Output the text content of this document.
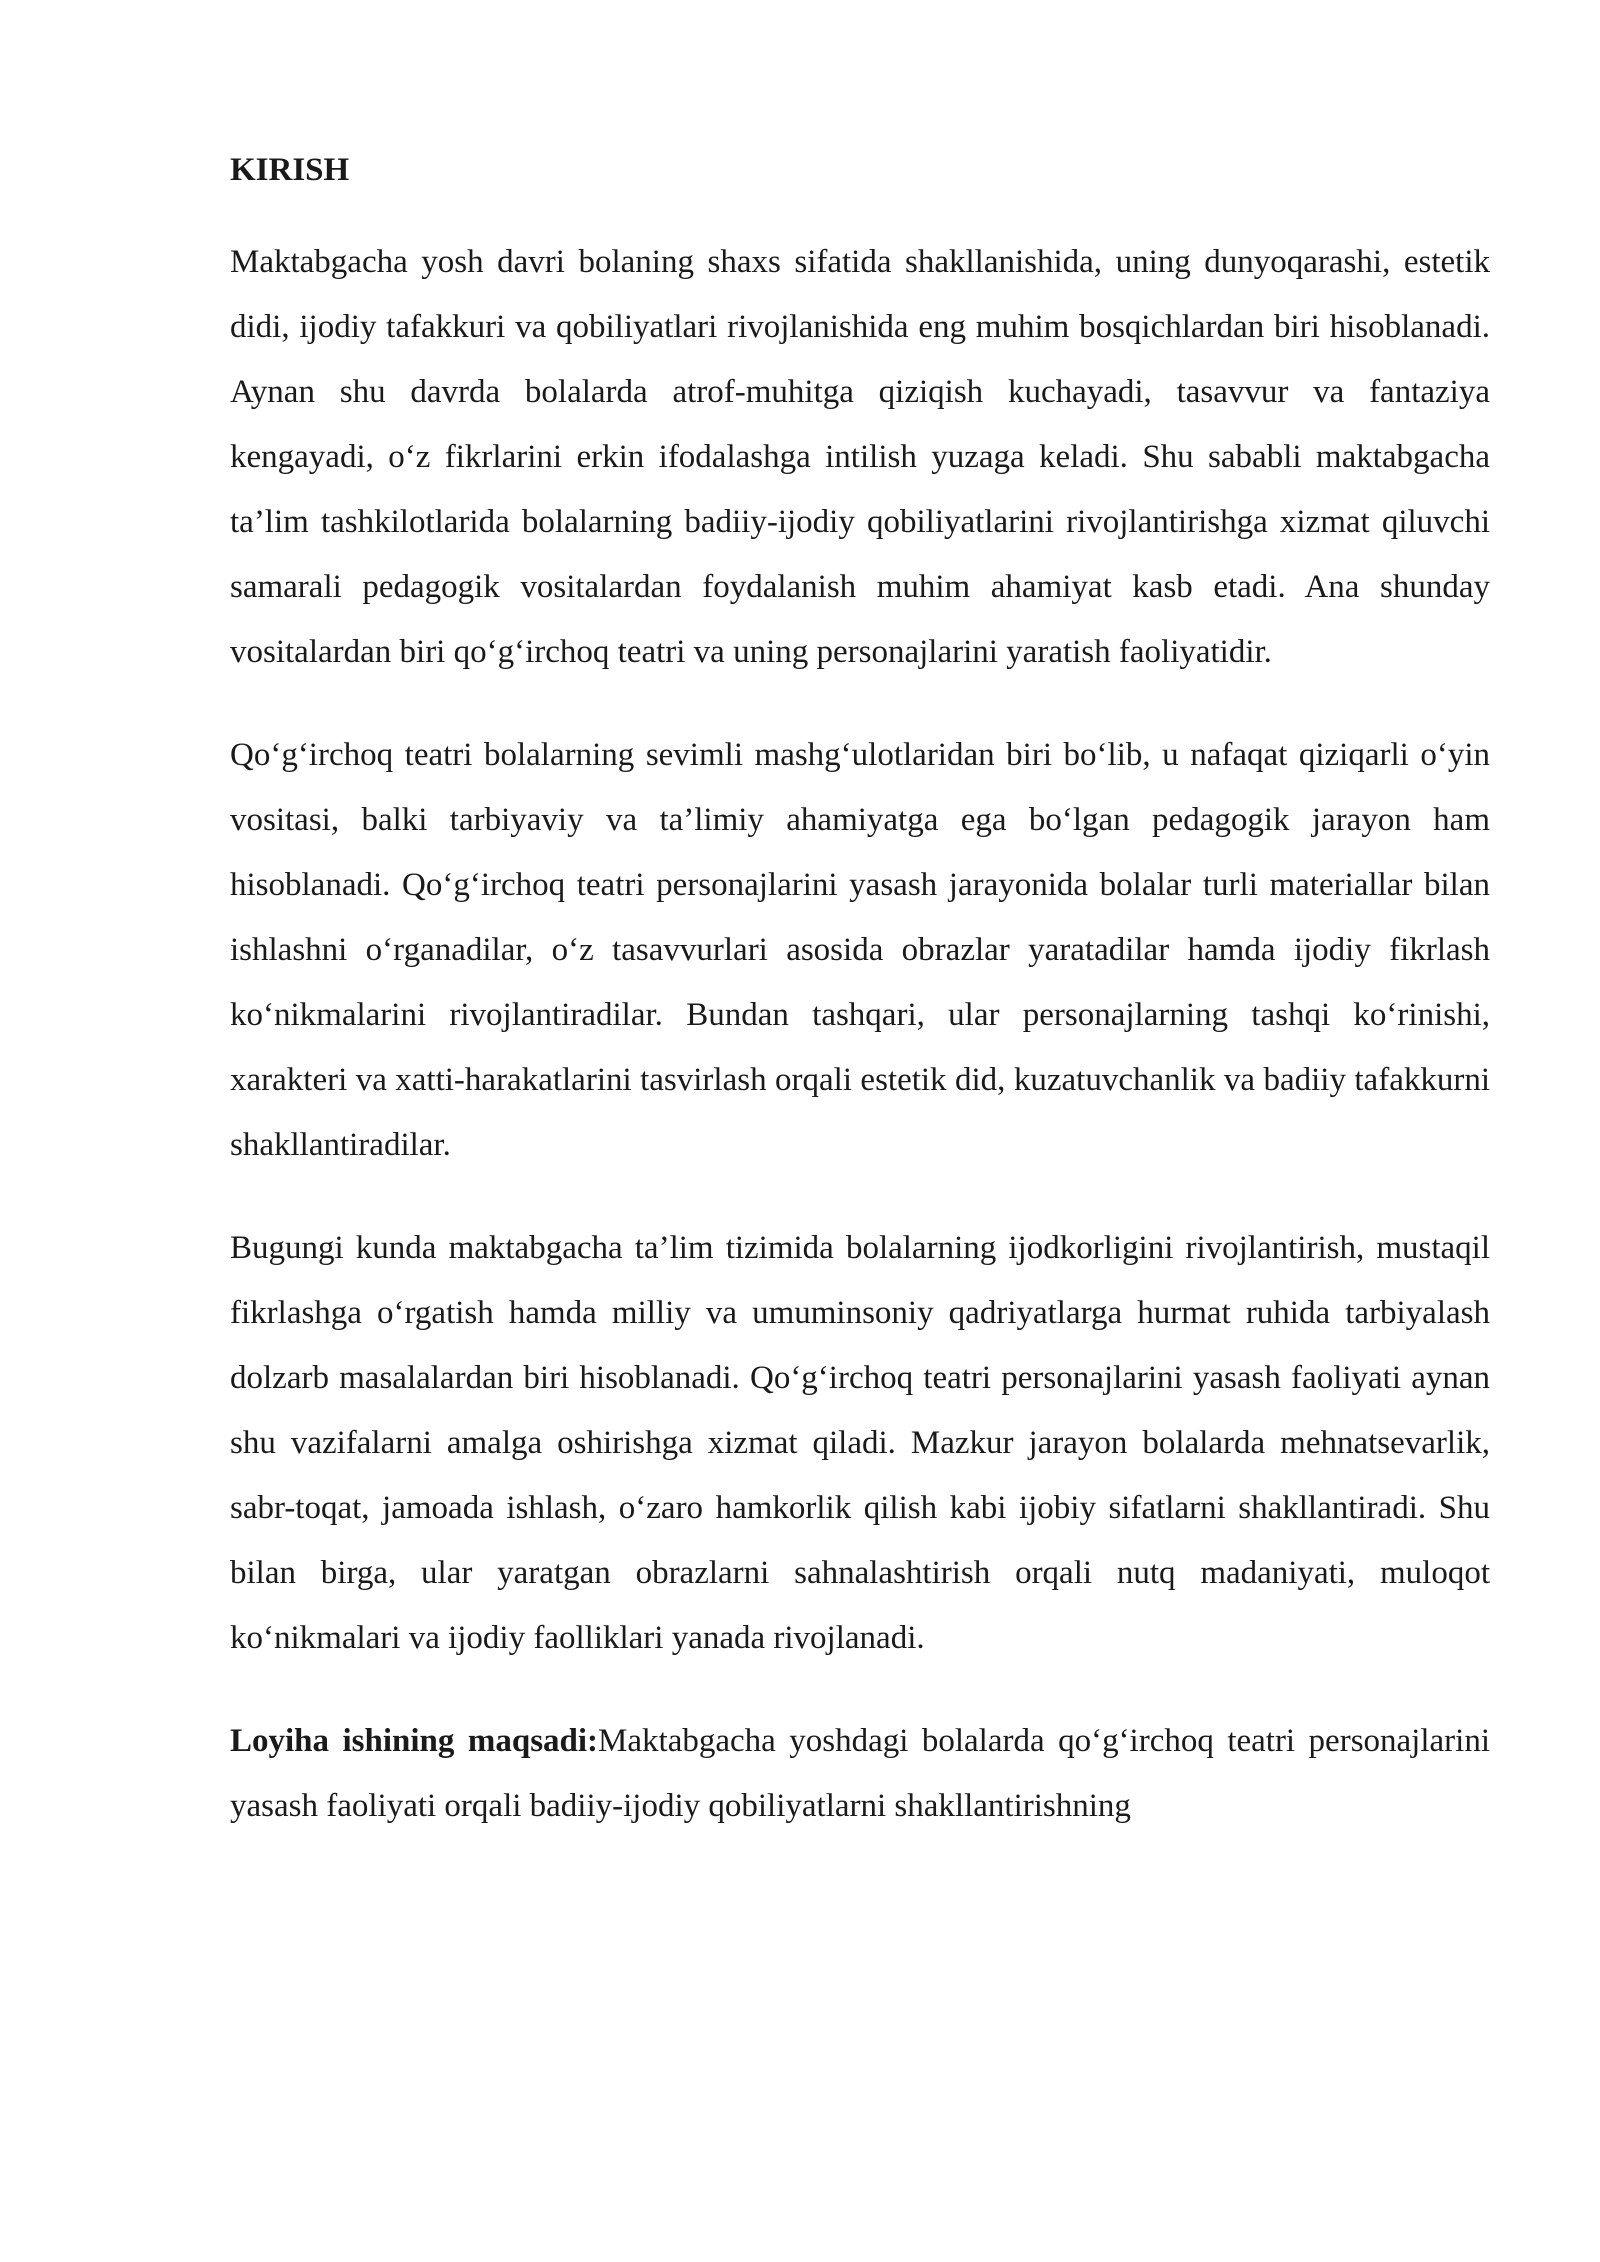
KIRISH

Maktabgacha yosh davri bolaning shaxs sifatida shakllanishida, uning dunyoqarashi, estetik didi, ijodiy tafakkuri va qobiliyatlari rivojlanishida eng muhim bosqichlardan biri hisoblanadi. Aynan shu davrda bolalarda atrof-muhitga qiziqish kuchayadi, tasavvur va fantaziya kengayadi, o‘z fikrlarini erkin ifodalashga intilish yuzaga keladi. Shu sababli maktabgacha ta’lim tashkilotlarida bolalarning badiiy-ijodiy qobiliyatlarini rivojlantirishga xizmat qiluvchi samarali pedagogik vositalardan foydalanish muhim ahamiyat kasb etadi. Ana shunday vositalardan biri qo‘g‘irchoq teatri va uning personajlarini yaratish faoliyatidir.

Qo‘g‘irchoq teatri bolalarning sevimli mashg‘ulotlaridan biri bo‘lib, u nafaqat qiziqarli o‘yin vositasi, balki tarbiyaviy va ta’limiy ahamiyatga ega bo‘lgan pedagogik jarayon ham hisoblanadi. Qo‘g‘irchoq teatri personajlarini yasash jarayonida bolalar turli materiallar bilan ishlashni o‘rganadilar, o‘z tasavvurlari asosida obrazlar yaratadilar hamda ijodiy fikrlash ko‘nikmalarini rivojlantiradilar. Bundan tashqari, ular personajlarning tashqi ko‘rinishi, xarakteri va xatti-harakatlarini tasvirlash orqali estetik did, kuzatuvchanlik va badiiy tafakkurni shakllantiradilar.

Bugungi kunda maktabgacha ta’lim tizimida bolalarning ijodkorligini rivojlantirish, mustaqil fikrlashga o‘rgatish hamda milliy va umuminsoniy qadriyatlarga hurmat ruhida tarbiyalash dolzarb masalalardan biri hisoblanadi. Qo‘g‘irchoq teatri personajlarini yasash faoliyati aynan shu vazifalarni amalga oshirishga xizmat qiladi. Mazkur jarayon bolalarda mehnatsevarlik, sabr-toqat, jamoada ishlash, o‘zaro hamkorlik qilish kabi ijobiy sifatlarni shakllantiradi. Shu bilan birga, ular yaratgan obrazlarni sahnalashtirish orqali nutq madaniyati, muloqot ko‘nikmalari va ijodiy faolliklari yanada rivojlanadi.

Loyiha ishining maqsadi:Maktabgacha yoshdagi bolalarda qo‘g‘irchoq teatri personajlarini yasash faoliyati orqali badiiy-ijodiy qobiliyatlarni shakllantirishning
